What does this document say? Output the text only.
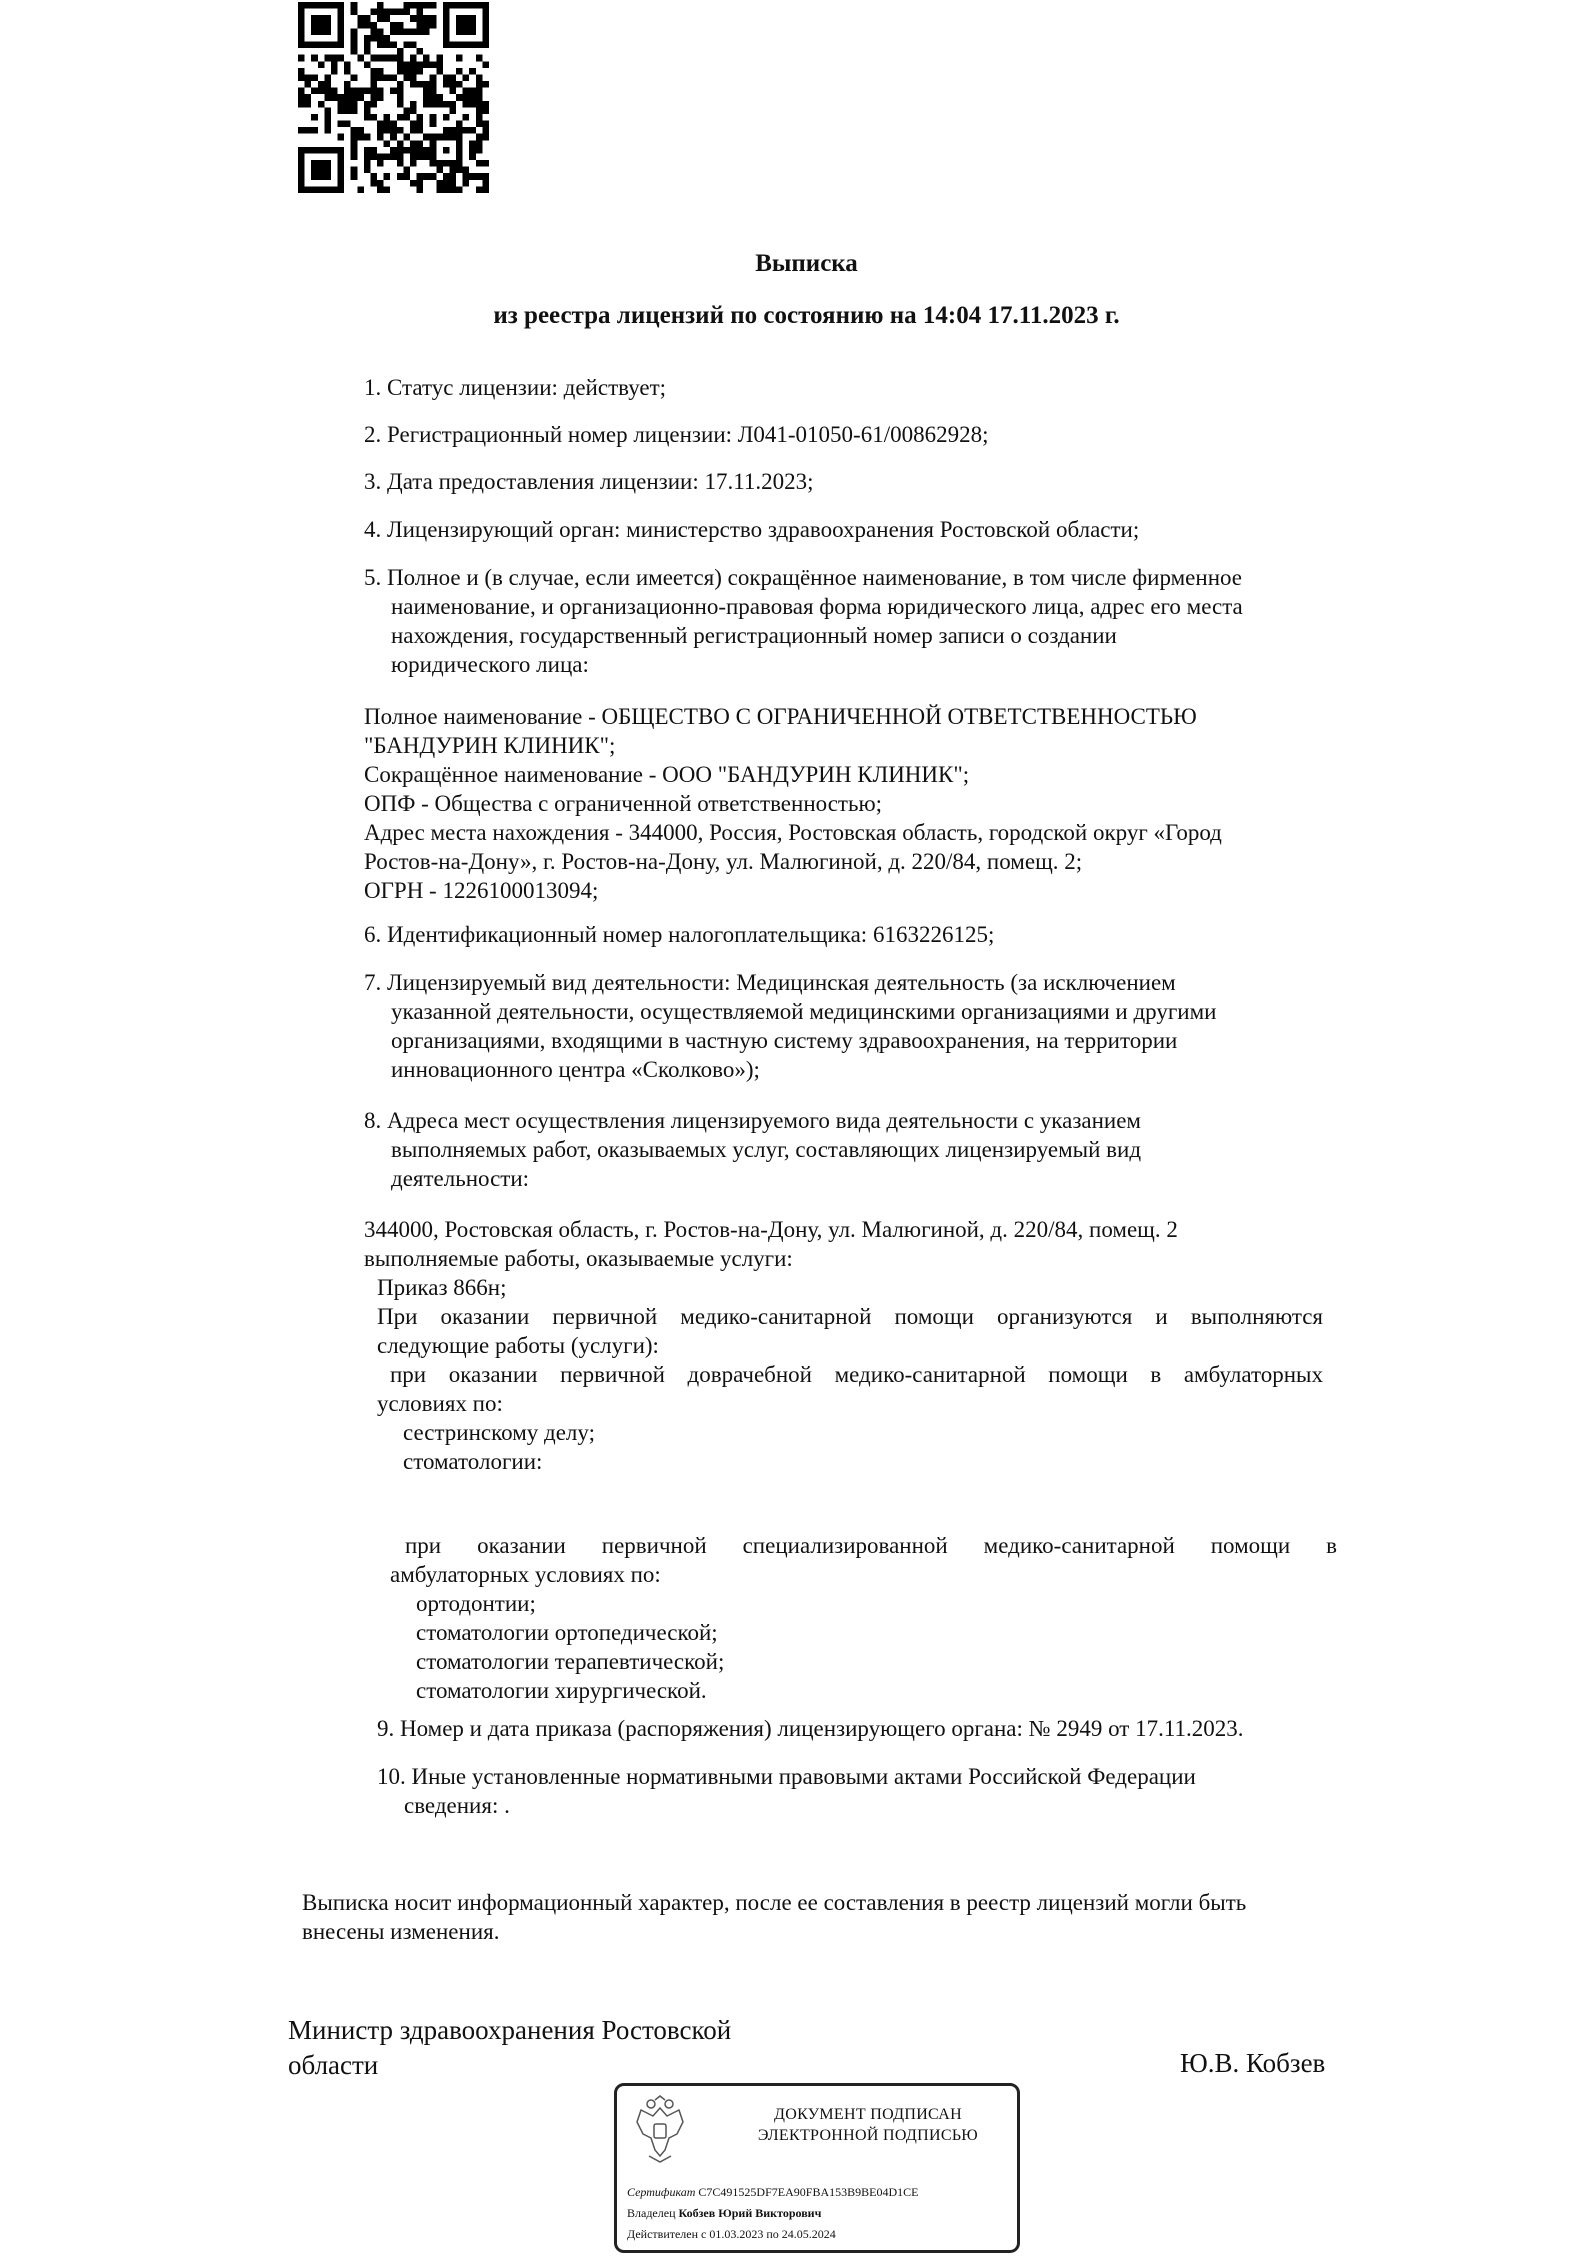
Выписка
из реестра лицензий по состоянию на 14:04 17.11.2023 г.
1. Статус лицензии: действует;
2. Регистрационный номер лицензии: Л041-01050-61/00862928;
3. Дата предоставления лицензии: 17.11.2023;
4. Лицензирующий орган: министерство здравоохранения Ростовской области;
5. Полное и (в случае, если имеется) сокращённое наименование, в том числе фирменное
наименование, и организационно-правовая форма юридического лица, адрес его места
нахождения, государственный регистрационный номер записи о создании
юридического лица:
Полное наименование - ОБЩЕСТВО С ОГРАНИЧЕННОЙ ОТВЕТСТВЕННОСТЬЮ
"БАНДУРИН КЛИНИК";
Сокращённое наименование - ООО "БАНДУРИН КЛИНИК";
ОПФ - Общества с ограниченной ответственностью;
Адрес места нахождения - 344000, Россия, Ростовская область, городской округ «Город
Ростов-на-Дону», г. Ростов-на-Дону, ул. Малюгиной, д. 220/84, помещ. 2;
ОГРН - 1226100013094;
6. Идентификационный номер налогоплательщика: 6163226125;
7. Лицензируемый вид деятельности: Медицинская деятельность (за исключением
указанной деятельности, осуществляемой медицинскими организациями и другими
организациями, входящими в частную систему здравоохранения, на территории
инновационного центра «Сколково»);
8. Адреса мест осуществления лицензируемого вида деятельности с указанием
выполняемых работ, оказываемых услуг, составляющих лицензируемый вид
деятельности:
344000, Ростовская область, г. Ростов-на-Дону, ул. Малюгиной, д. 220/84, помещ. 2
выполняемые работы, оказываемые услуги:
Приказ 866н;
При оказании первичной медико-санитарной помощи организуются и выполняются
следующие работы (услуги):
при оказании первичной доврачебной медико-санитарной помощи в амбулаторных
условиях по:
сестринскому делу;
стоматологии:
при оказании первичной специализированной медико-санитарной помощи в
амбулаторных условиях по:
ортодонтии;
стоматологии ортопедической;
стоматологии терапевтической;
стоматологии хирургической.
9. Номер и дата приказа (распоряжения) лицензирующего органа: № 2949 от 17.11.2023.
10. Иные установленные нормативными правовыми актами Российской Федерации
сведения: .
Выписка носит информационный характер, после ее составления в реестр лицензий могли быть
внесены изменения.
Министр здравоохранения Ростовской
области	Ю.В. Кобзев
ДОКУМЕНТ ПОДПИСАН
ЭЛЕКТРОННОЙ ПОДПИСЬЮ
Сертификат C7C491525DF7EA90FBA153B9BE04D1CE
Владелец Кобзев Юрий Викторович
Действителен с 01.03.2023 по 24.05.2024
